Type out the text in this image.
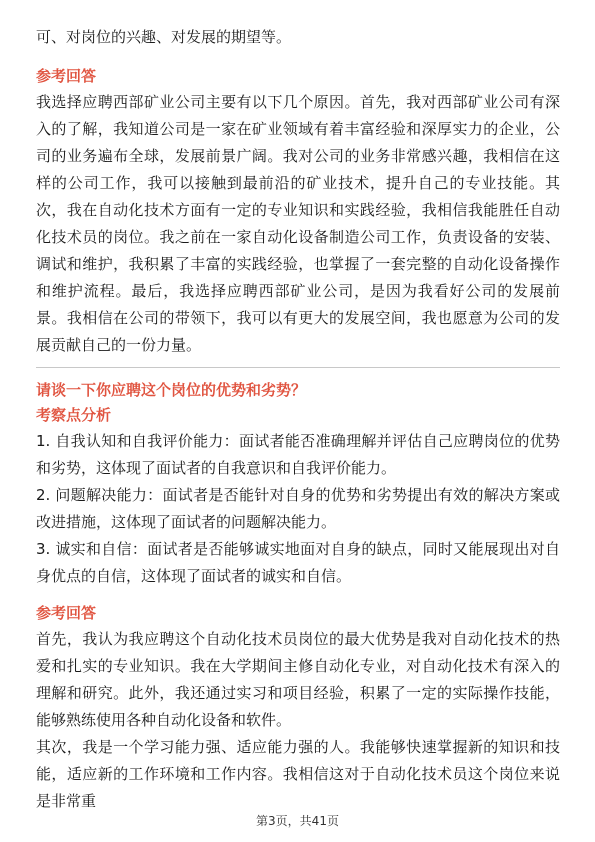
可、对岗位的兴趣、对发展的期望等。

参考回答

我选择应聘西部矿业公司主要有以下几个原因。首先，我对西部矿业公司有深入的了解，我知道公司是一家在矿业领域有着丰富经验和深厚实力的企业，公司的业务遍布全球，发展前景广阔。我对公司的业务非常感兴趣，我相信在这样的公司工作，我可以接触到最前沿的矿业技术，提升自己的专业技能。其次，我在自动化技术方面有一定的专业知识和实践经验，我相信我能胜任自动化技术员的岗位。我之前在一家自动化设备制造公司工作，负责设备的安装、调试和维护，我积累了丰富的实践经验，也掌握了一套完整的自动化设备操作和维护流程。最后，我选择应聘西部矿业公司，是因为我看好公司的发展前景。我相信在公司的带领下，我可以有更大的发展空间，我也愿意为公司的发展贡献自己的一份力量。

请谈一下你应聘这个岗位的优势和劣势？
考察点分析

1. 自我认知和自我评价能力：面试者能否准确理解并评估自己应聘岗位的优势和劣势，这体现了面试者的自我意识和自我评价能力。

2. 问题解决能力：面试者是否能针对自身的优势和劣势提出有效的解决方案或改进措施，这体现了面试者的问题解决能力。

3. 诚实和自信：面试者是否能够诚实地面对自身的缺点，同时又能展现出对自身优点的自信，这体现了面试者的诚实和自信。

参考回答

首先，我认为我应聘这个自动化技术员岗位的最大优势是我对自动化技术的热爱和扎实的专业知识。我在大学期间主修自动化专业，对自动化技术有深入的理解和研究。此外，我还通过实习和项目经验，积累了一定的实际操作技能，能够熟练使用各种自动化设备和软件。

其次，我是一个学习能力强、适应能力强的人。我能够快速掌握新的知识和技能，适应新的工作环境和工作内容。我相信这对于自动化技术员这个岗位来说是非常重

第3页，共41页
